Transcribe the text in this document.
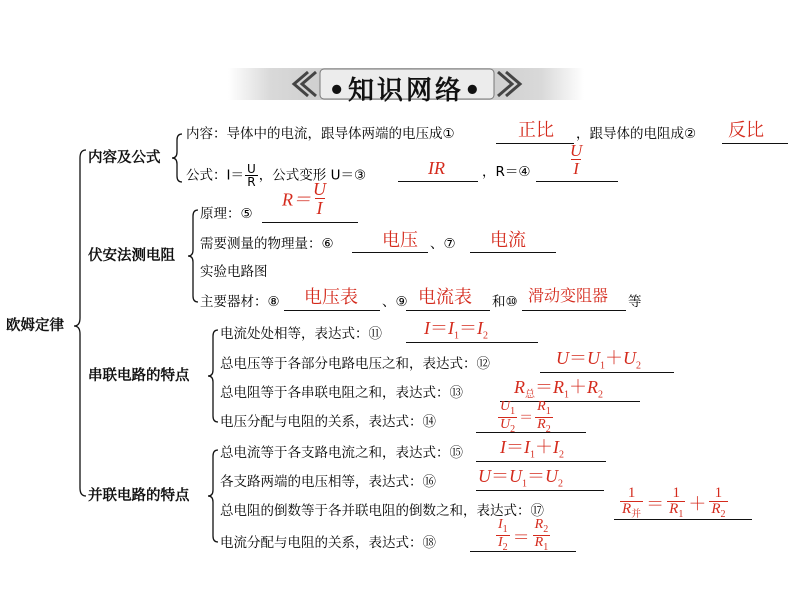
•知识网络•
欧姆定律
内容及公式
内容：导体中的电流，跟导体两端的电压成①	正比 ，跟导体的电阻成② 反比
公式：$I= \frac{U}{R}$ ，公式变形 U＝③	IR	，R＝④ $\frac{U}{I}$
伏安法测电阻
原理：⑤
$R= \frac{U}{I}$
需要测量的物理量：⑥	电压 、⑦ 电流
实验电路图
主要器材：⑧ 电压表 、⑨ 电流表 和⑩ 滑动变阻器 等
串联电路的特点
电流处处相等，表达式：⑪ $I=I_1=I_2$
总电压等于各部分电路电压之和，表达式：⑫	$U=U_1+U_2$
总电阻等于各串联电阻之和，表达式：⑬	$R_总=R_1+R_2$
电压分配与电阻的关系，表达式：⑭	$\frac{U_1}{U_2} = \frac{R_1}{R_2}$
并联电路的特点
总电流等于各支路电流之和，表达式：⑮ $I=I_1+I_2$
各支路两端的电压相等，表达式：⑯ $U=U_1=U_2$
总电阻的倒数等于各并联电阻的倒数之和，表达式：⑰	$\frac{1}{R_并} = \frac{1}{R_1} + \frac{1}{R_2}$
电流分配与电阻的关系，表达式：⑱	$\frac{I_1}{I_2} = \frac{R_2}{R_1}$
